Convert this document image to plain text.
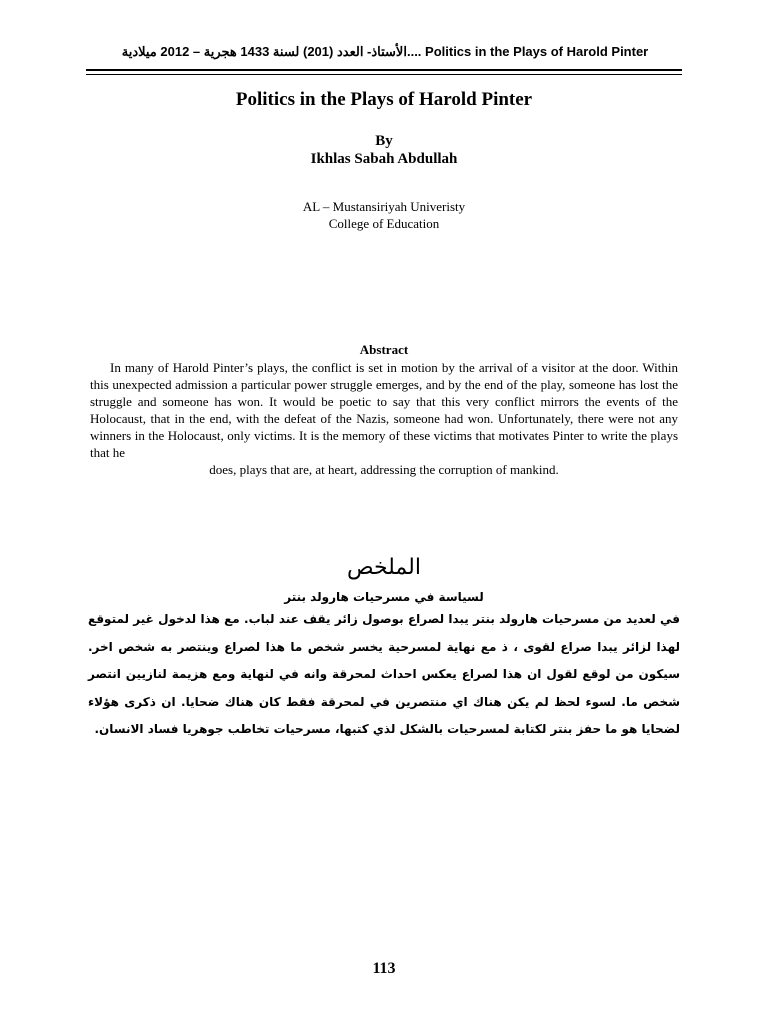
الأستاذ- العدد (201) لسنة 1433 هجرية – 2012 ميلادية.... Politics in the Plays of Harold Pinter
Politics in the Plays of Harold Pinter
By
Ikhlas Sabah Abdullah
AL – Mustansiriyah Univeristy
College of Education
Abstract

In many of Harold Pinter’s plays, the conflict is set in motion by the arrival of a visitor at the door. Within this unexpected admission a particular power struggle emerges, and by the end of the play, someone has lost the struggle and someone has won. It would be poetic to say that this very conflict mirrors the events of the Holocaust, that in the end, with the defeat of the Nazis, someone had won. Unfortunately, there were not any winners in the Holocaust, only victims. It is the memory of these victims that motivates Pinter to write the plays that he

does, plays that are, at heart, addressing the corruption of mankind.
الملخص
لسياسة في مسرحيات هارولد بنتر

في لعديد من مسرحيات هارولد بنتر يبدا لصراع بوصول زائر يقف عند لباب. مع هذا لدخول غير لمتوقع لهذا لزائر يبدا صراع لقوى ، ذ مع نهاية لمسرحية يخسر شخص ما هذا لصراع وينتصر به شخص اخر. سيكون من لوقع لقول ان هذا لصراع يعكس احداث لمحرقة وانه في لنهاية ومع هزيمة لنازيين انتصر شخص ما. لسوء لحظ لم يكن هناك اي منتصرين في لمحرقة فقط كان هناك ضحايا. ان ذكرى هؤلاء لضحايا هو ما حفز بنتر لكتابة لمسرحيات بالشكل لذي كتبها، مسرحيات تخاطب جوهريا فساد الانسان.

113
